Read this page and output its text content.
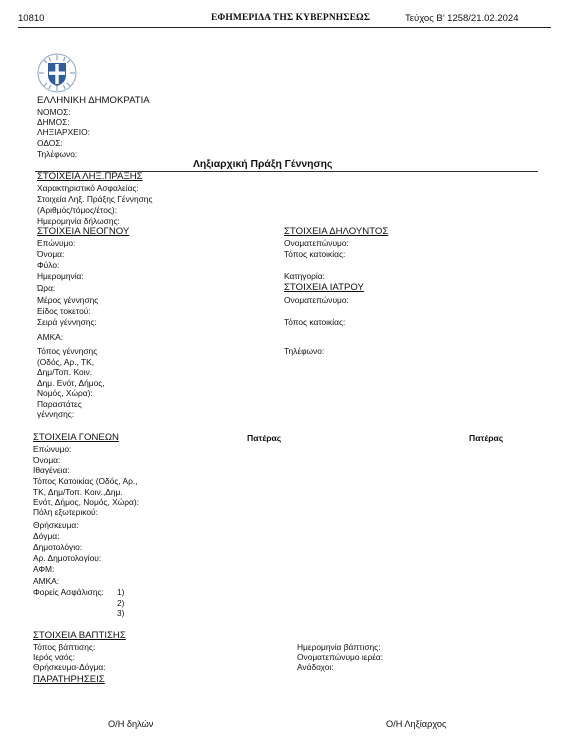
10810	ΕΦΗΜΕΡΙΔΑ ΤΗΣ ΚΥΒΕΡΝΗΣΕΩΣ	Τεύχος Β’ 1258/21.02.2024
ΕΛΛΗΝΙΚΗ ΔΗΜΟΚΡΑΤΙΑ
ΝΟΜΟΣ:
ΔΗΜΟΣ:
ΛΗΞΙΑΡΧΕΙΟ:
ΟΔΟΣ:
Τηλέφωνο:
Ληξιαρχική Πράξη Γέννησης
ΣΤΟΙΧΕΙΑ ΛΗΞ.ΠΡΑΞΗΣ
Χαρακτηριστικό Ασφαλείας:
Στοιχεία Ληξ. Πράξης Γέννησης
(Αριθμός/τόμος/έτος):
Ημερομηνία δήλωσης:
ΣΤΟΙΧΕΙΑ ΝΕΟΓΝΟΥ
Επώνυμο:
Όνομα:
Φύλο:
Ημερομηνία:
Ώρα:
Μέρος γέννησης
Είδος τοκετού:
Σειρά γέννησης:
ΑΜΚΑ:
Τόπος γέννησης
(Οδός, Αρ., ΤΚ,
Δημ/Τοπ. Κοιν.
Δημ. Ενότ, Δήμος,
Νομός, Χώρα):
Παραστάτες
γέννησης:
ΣΤΟΙΧΕΙΑ ΔΗΛΟΥΝΤΟΣ
Ονοματεπώνυμο:
Τόπος κατοικίας:
Κατηγορία:
ΣΤΟΙΧΕΙΑ ΙΑΤΡΟΥ
Ονοματεπώνυμο:
Τόπος κατοικίας:
Τηλέφωνο:
ΣΤΟΙΧΕΙΑ ΓΟΝΕΩΝ	Πατέρας	Πατέρας
Επώνυμο:
Όνομα:
Ιθαγένεια:
Τόπος Κατοικίας (Οδός, Αρ.,
ΤΚ, Δημ/Τοπ. Κοιν.,Δημ.
Ενότ, Δήμος, Νομός, Χώρα):
Πόλη εξωτερικού:
Θρήσκευμα:
Δόγμα:
Δημοτολόγιο:
Αρ. Δημοτολογίου:
ΑΦΜ:
ΑΜΚΑ:
Φορείς Ασφάλισης: 1)
2)
3)
ΣΤΟΙΧΕΙΑ ΒΑΠΤΙΣΗΣ
Τόπος βάπτισης:
Ιερός ναός:
Θρήσκευμα-Δόγμα:
Ημερομηνία βάπτισης:
Ονοματεπώνυμο ιερέα:
Ανάδοχοι:
ΠΑΡΑΤΗΡΗΣΕΙΣ
Ο/Η δηλών	Ο/Η Ληξίαρχος
